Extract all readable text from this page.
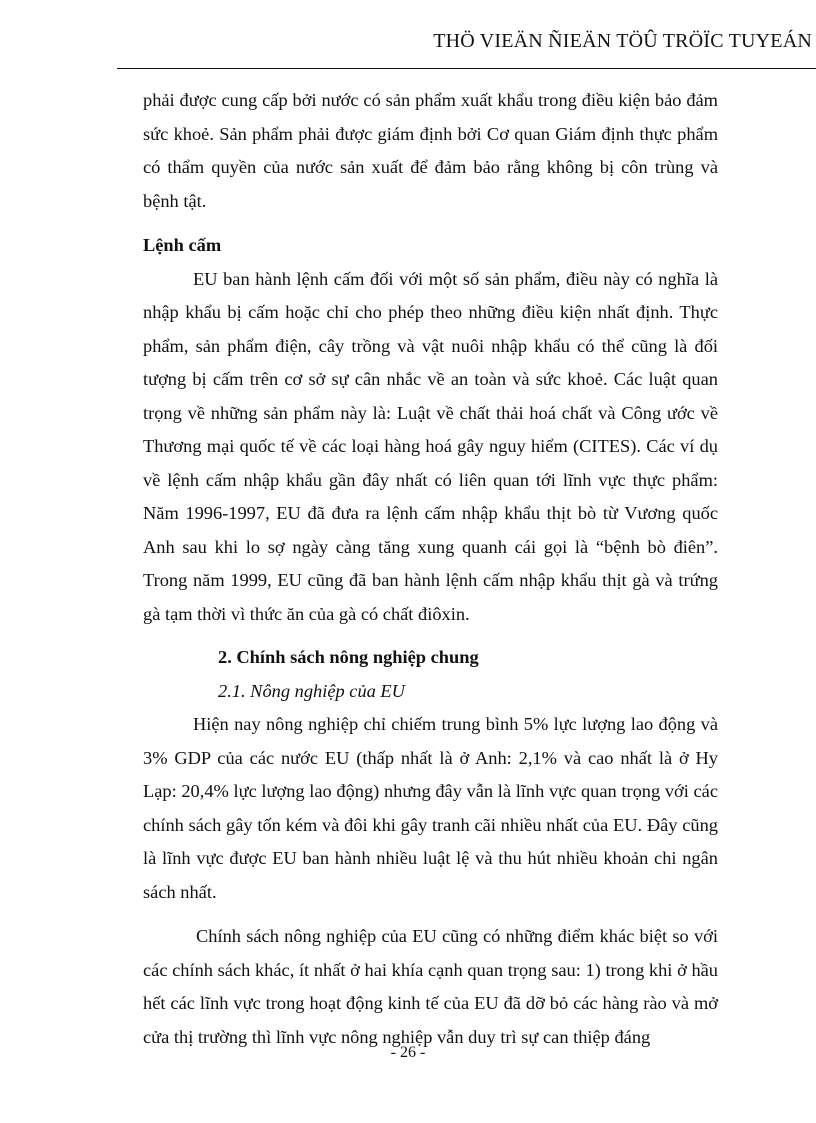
THÖ VIEÄN ÑIEÄN TÖÛ TRÖÏC TUYEÁN

phải được cung cấp bởi nước có sản phẩm xuất khẩu trong điều kiện bảo đảm sức khoẻ. Sản phẩm phải được giám định bởi Cơ quan Giám định thực phẩm có thẩm quyền của nước sản xuất để đảm bảo rằng không bị côn trùng và bệnh tật.

Lệnh cấm

EU ban hành lệnh cấm đối với một số sản phẩm, điều này có nghĩa là nhập khẩu bị cấm hoặc chỉ cho phép theo những điều kiện nhất định. Thực phẩm, sản phẩm điện, cây trồng và vật nuôi nhập khẩu có thể cũng là đối tượng bị cấm trên cơ sở sự cân nhắc về an toàn và sức khoẻ. Các luật quan trọng về những sản phẩm này là: Luật về chất thải hoá chất và Công ước về Thương mại quốc tế về các loại hàng hoá gây nguy hiểm (CITES). Các ví dụ về lệnh cấm nhập khẩu gần đây nhất có liên quan tới lĩnh vực thực phẩm: Năm 1996-1997, EU đã đưa ra lệnh cấm nhập khẩu thịt bò từ Vương quốc Anh sau khi lo sợ ngày càng tăng xung quanh cái gọi là “bệnh bò điên”. Trong năm 1999, EU cũng đã ban hành lệnh cấm nhập khẩu thịt gà và trứng gà tạm thời vì thức ăn của gà có chất điôxin.

2. Chính sách nông nghiệp chung

2.1. Nông nghiệp của EU

Hiện nay nông nghiệp chỉ chiếm trung bình 5% lực lượng lao động và 3% GDP của các nước EU (thấp nhất là ở Anh: 2,1% và cao nhất là ở Hy Lạp: 20,4% lực lượng lao động) nhưng đây vẫn là lĩnh vực quan trọng với các chính sách gây tốn kém và đôi khi gây tranh cãi nhiều nhất của EU. Đây cũng là lĩnh vực được EU ban hành nhiều luật lệ và thu hút nhiều khoản chi ngân sách nhất.

Chính sách nông nghiệp của EU cũng có những điểm khác biệt so với các chính sách khác, ít nhất ở hai khía cạnh quan trọng sau: 1) trong khi ở hầu hết các lĩnh vực trong hoạt động kinh tế của EU đã dỡ bỏ các hàng rào và mở cửa thị trường thì lĩnh vực nông nghiệp vẫn duy trì sự can thiệp đáng

- 26 -
